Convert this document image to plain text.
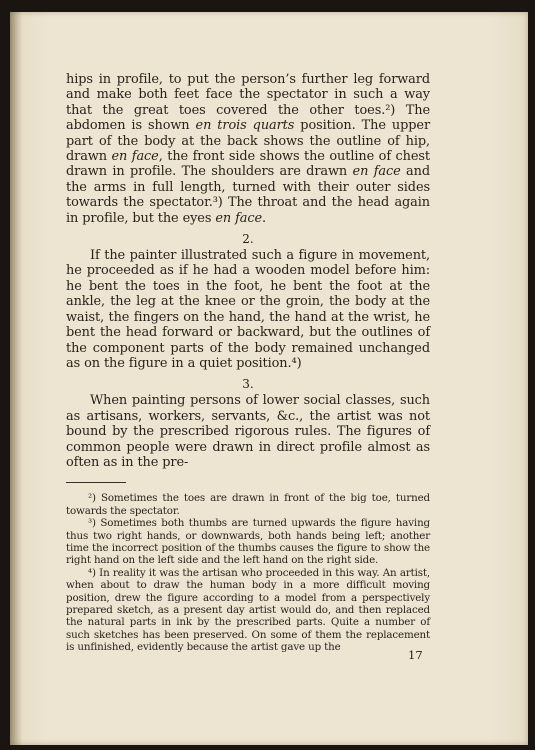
hips in profile, to put the person’s further leg forward and make both feet face the spectator in such a way that the great toes covered the other toes.²) The abdomen is shown en trois quarts position. The upper part of the body at the back shows the outline of hip, drawn en face, the front side shows the outline of chest drawn in profile. The shoulders are drawn en face and the arms in full length, turned with their outer sides towards the spectator.³) The throat and the head again in profile, but the eyes en face.

2.

If the painter illustrated such a figure in movement, he proceeded as if he had a wooden model before him: he bent the toes in the foot, he bent the foot at the ankle, the leg at the knee or the groin, the body at the waist, the fingers on the hand, the hand at the wrist, he bent the head forward or backward, but the outlines of the component parts of the body remained unchanged as on the figure in a quiet position.⁴)

3.

When painting persons of lower social classes, such as artisans, workers, servants, &c., the artist was not bound by the prescribed rigorous rules. The figures of common people were drawn in direct profile almost as often as in the pre-

²) Sometimes the toes are drawn in front of the big toe, turned towards the spectator.

³) Sometimes both thumbs are turned upwards the figure having thus two right hands, or downwards, both hands being left; another time the incorrect position of the thumbs causes the figure to show the right hand on the left side and the left hand on the right side.

⁴) In reality it was the artisan who proceeded in this way. An artist, when about to draw the human body in a more difficult moving position, drew the figure according to a model from a perspectively prepared sketch, as a present day artist would do, and then replaced the natural parts in ink by the prescribed parts. Quite a number of such sketches has been preserved. On some of them the replacement is unfinished, evidently because the artist gave up the

17
